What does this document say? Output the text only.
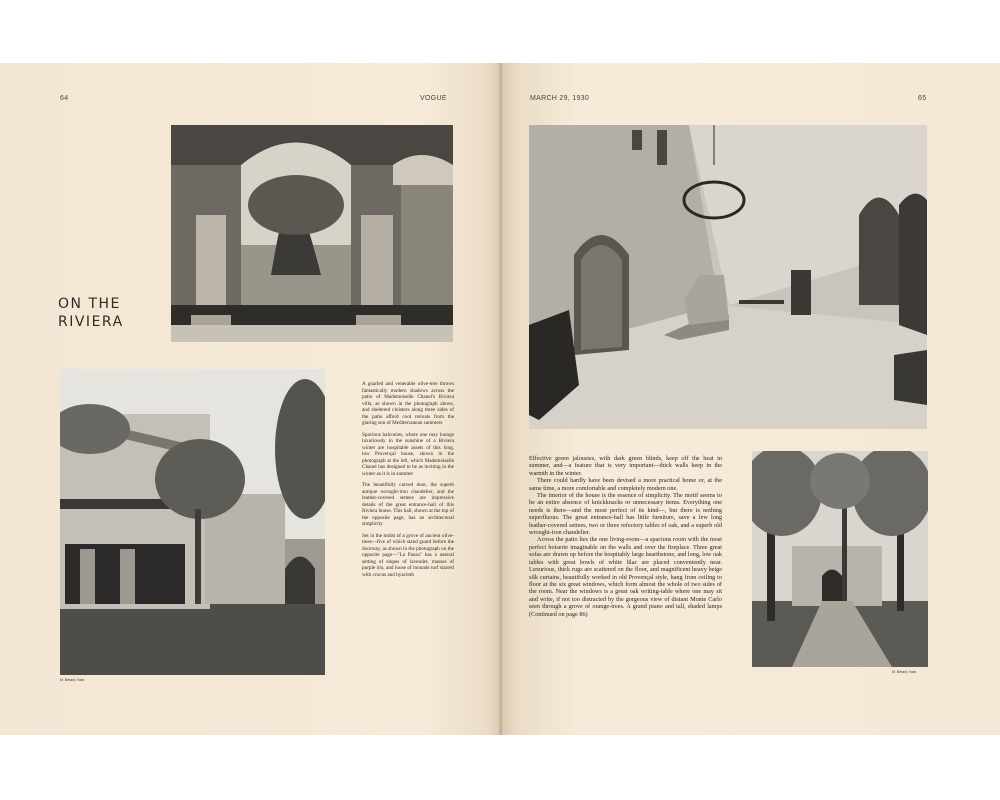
64	VOGUE
ON THE
RIVIERA
M. Bérard, Nice

A gnarled and venerable olive-tree throws fantastically modern shadows across the patio of Mademoiselle Chanel's Riviera villa, as shown in the photograph above, and sheltered cloisters along three sides of the patio afford cool retreats from the glaring sun of Mediterranean summers

Spacious balconies, where one may lounge luxuriously in the sunshine of a Riviera winter are hospitable assets of this long, low Provençal house, shown in the photograph at the left, which Mademoiselle Chanel has designed to be as inviting in the winter as it is in summer

The beautifully carved door, the superb antique wrought-iron chandelier, and the leather-covered settees are impressive details of the great entrance-hall of this Riviera house. This hall, shown at the top of the opposite page, has an architectural simplicity

Set in the midst of a grove of ancient olive-trees—five of which stand guard before the doorway, as shown in the photograph on the opposite page—"La Pausa" has a natural setting of slopes of lavender, masses of purple iris, and loose of mounds turf starred with crocus and hyacinth

MARCH 29, 1930	65

Effective green jalousies, with dark green blinds, keep off the heat in summer, and—a feature that is very important—thick walls keep in the warmth in the winter.

There could hardly have been devised a more practical home or, at the same time, a more comfortable and completely modern one.

The interior of the house is the essence of simplicity. The motif seems to be an entire absence of knickknacks or unnecessary items. Everything one needs is there—and the most perfect of its kind—, but there is nothing superfluous. The great entrance-hall has little furniture, save a few long leather-covered settees, two or three refectory tables of oak, and a superb old wrought-iron chandelier.

Across the patio lies the one living-room—a spacious room with the most perfect boiserie imaginable on the walls and over the fireplace. Three great sofas are drawn up before the hospitably large hearthstone, and long, low oak tables with great bowls of white lilac are placed conveniently near. Luxurious, thick rugs are scattered on the floor, and magnificent heavy beige silk curtains, beautifully worked in old Provençal style, hang from ceiling to floor at the six great windows, which form almost the whole of two sides of the room. Near the windows is a great oak writing-table where one may sit and write, if not too distracted by the gorgeous view of distant Monte Carlo seen through a grove of orange-trees. A grand piano and tall, shaded lamps (Continued on page 86)

M. Bérard, Nice
